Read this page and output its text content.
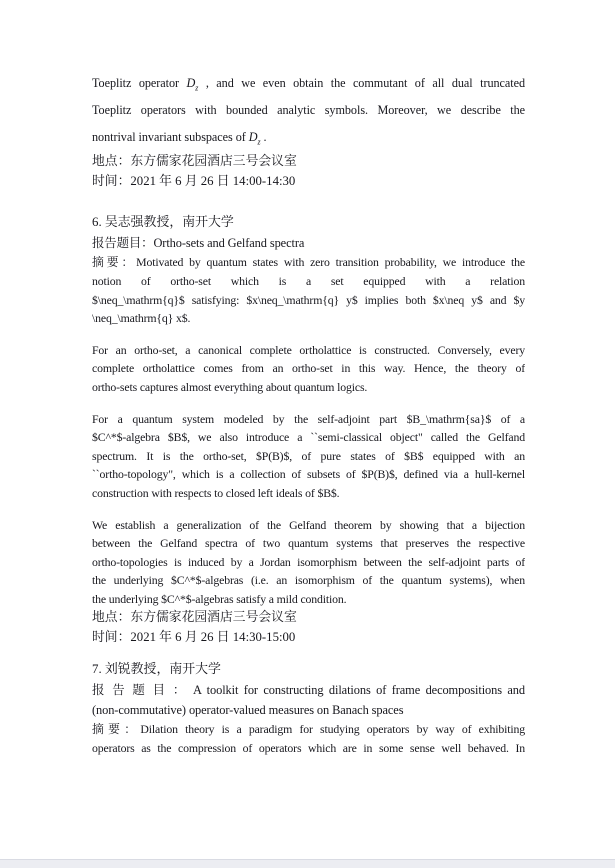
Toeplitz operator $D_z$ , and we even obtain the commutant of all dual truncated
Toeplitz operators with bounded analytic symbols. Moreover, we describe the
nontrival invariant subspaces of $D_z$ .
地点：东方儒家花园酒店三号会议室
时间：2021 年 6 月 26 日 14:00-14:30
6. 吴志强教授，南开大学
报告题目：Ortho-sets and Gelfand spectra
摘要：Motivated by quantum states with zero transition probability, we introduce the
notion of ortho-set which is a set equipped with a relation
$\neq_\mathrm{q}$ satisfying: $x\neq_\mathrm{q} y$ implies both $x\neq y$ and $y
\neq_\mathrm{q} x$.
For an ortho-set, a canonical complete ortholattice is constructed. Conversely, every
complete ortholattice comes from an ortho-set in this way. Hence, the theory of
ortho-sets captures almost everything about quantum logics.
For a quantum system modeled by the self-adjoint part $B_\mathrm{sa}$ of a
$C^*$-algebra $B$, we also introduce a ``semi-classical object" called the Gelfand
spectrum. It is the ortho-set, $P(B)$, of pure states of $B$ equipped with an
``ortho-topology", which is a collection of subsets of $P(B)$, defined via a hull-kernel
construction with respects to closed left ideals of $B$.
We establish a generalization of the Gelfand theorem by showing that a bijection
between the Gelfand spectra of two quantum systems that preserves the respective
ortho-topologies is induced by a Jordan isomorphism between the self-adjoint parts of
the underlying $C^*$-algebras (i.e. an isomorphism of the quantum systems), when
the underlying $C^*$-algebras satisfy a mild condition.
地点：东方儒家花园酒店三号会议室
时间：2021 年 6 月 26 日 14:30-15:00
7. 刘锐教授，南开大学
报 告 题 目 ： A toolkit for constructing dilations of frame decompositions and
(non-commutative) operator-valued measures on Banach spaces
摘要：Dilation theory is a paradigm for studying operators by way of exhibiting
operators as the compression of operators which are in some sense well behaved. In
